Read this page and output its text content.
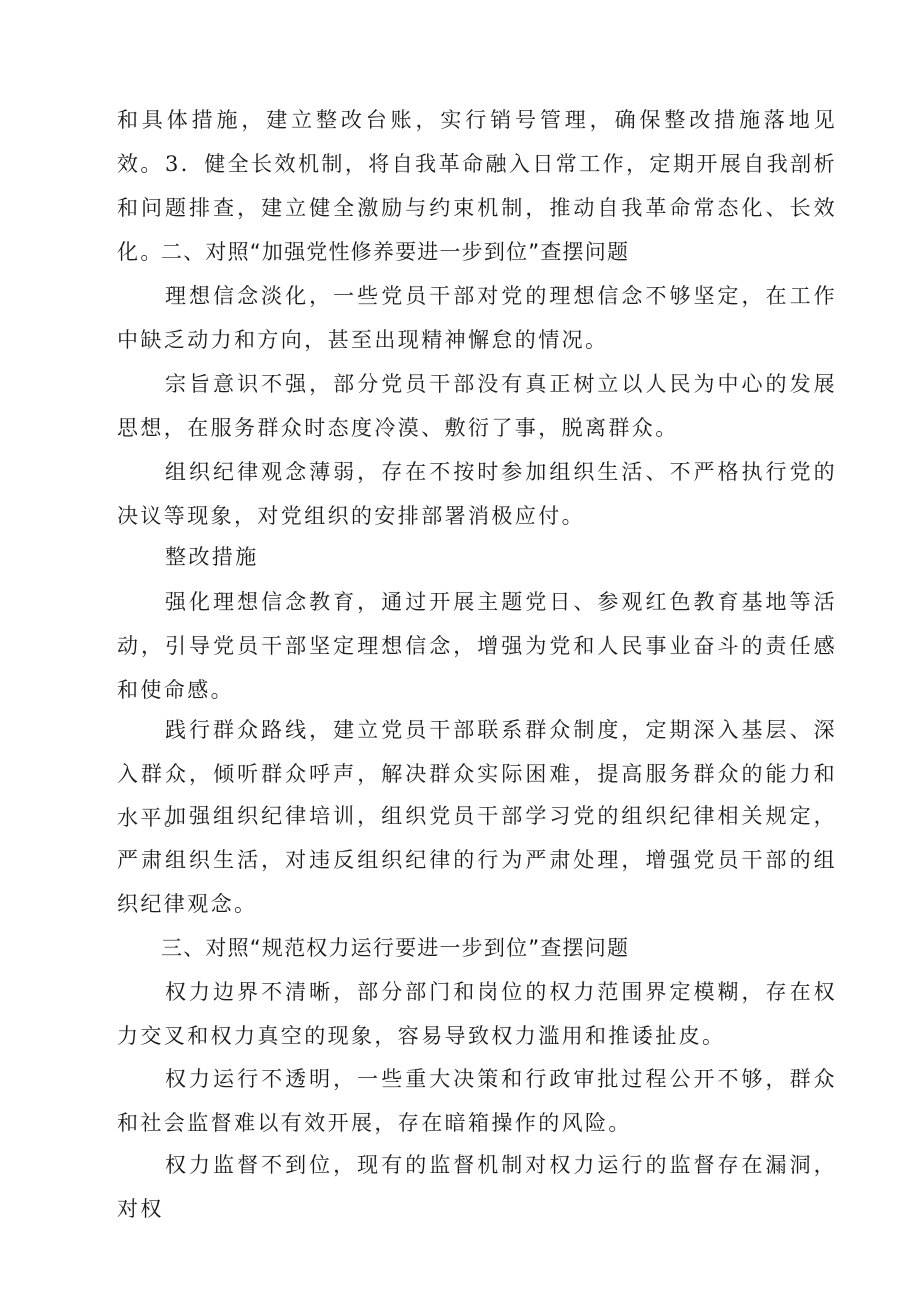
和具体措施，建立整改台账，实行销号管理，确保整改措施落地见效。 3．健全长效机制，将自我革命融入日常工作，定期开展自我剖析和问题排查，建立健全激励与约束机制，推动自我革命常态化、长效化。

二、对照“加强党性修养要进一步到位”查摆问题

理想信念淡化，一些党员干部对党的理想信念不够坚定，在工作中缺乏动力和方向，甚至出现精神懈怠的情况。

宗旨意识不强，部分党员干部没有真正树立以人民为中心的发展思想，在服务群众时态度冷漠、敷衍了事，脱离群众。

组织纪律观念薄弱，存在不按时参加组织生活、不严格执行党的决议等现象，对党组织的安排部署消极应付。

整改措施

强化理想信念教育，通过开展主题党日、参观红色教育基地等活动，引导党员干部坚定理想信念，增强为党和人民事业奋斗的责任感和使命感。

践行群众路线，建立党员干部联系群众制度，定期深入基层、深入群众，倾听群众呼声，解决群众实际困难，提高服务群众的能力和水平。

加强组织纪律培训，组织党员干部学习党的组织纪律相关规定，严肃组织生活，对违反组织纪律的行为严肃处理，增强党员干部的组织纪律观念。

三、对照“规范权力运行要进一步到位”查摆问题

权力边界不清晰，部分部门和岗位的权力范围界定模糊，存在权力交叉和权力真空的现象，容易导致权力滥用和推诿扯皮。

权力运行不透明，一些重大决策和行政审批过程公开不够，群众和社会监督难以有效开展，存在暗箱操作的风险。

权力监督不到位，现有的监督机制对权力运行的监督存在漏洞，对权
